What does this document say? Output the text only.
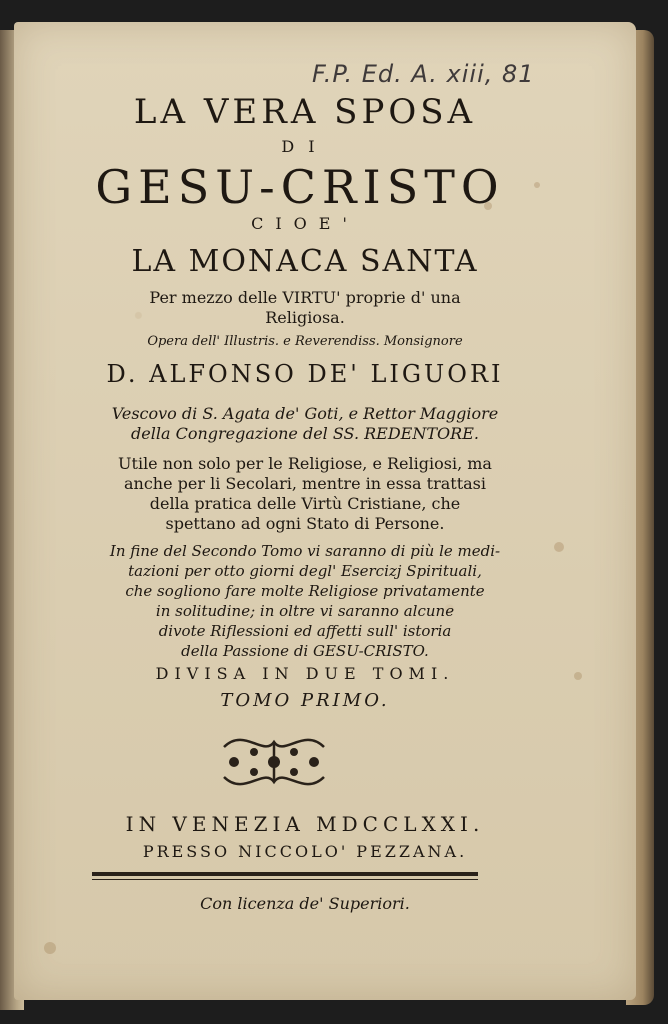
F.P. Ed. A. xiii, 81
LA VERA SPOSA
DI
GESU-CRISTO
CIOE'
LA MONACA SANTA
Per mezzo delle VIRTU' proprie d' una
Religiosa.
Opera dell' Illustrіs. e Reverendiss. Monsignore
D. ALFONSO DE' LIGUORI
Vescovo di S. Agata de' Goti, e Rettor Maggiore
della Congregazione del SS. REDENTORE.
Utile non solo per le Religiose, e Religiosi, ma
anche per li Secolari, mentre in essa trattasi
della pratica delle Virtù Cristiane, che
spettano ad ogni Stato di Persone.
In fine del Secondo Tomo vi saranno di più le medi-
tazioni per otto giorni degl' Esercizj Spirituali,
che sogliono fare molte Religiose privatamente
in solitudine; in oltre vi saranno alcune
divote Riflessioni ed affetti sull' istoria
della Passione di GESU-CRISTO.
DIVISA IN DUE TOMI.
TOMO PRIMO.
IN VENEZIA MDCCLXXI.
PRESSO NICCOLO' PEZZANA.
Con licenza de' Superiori.
